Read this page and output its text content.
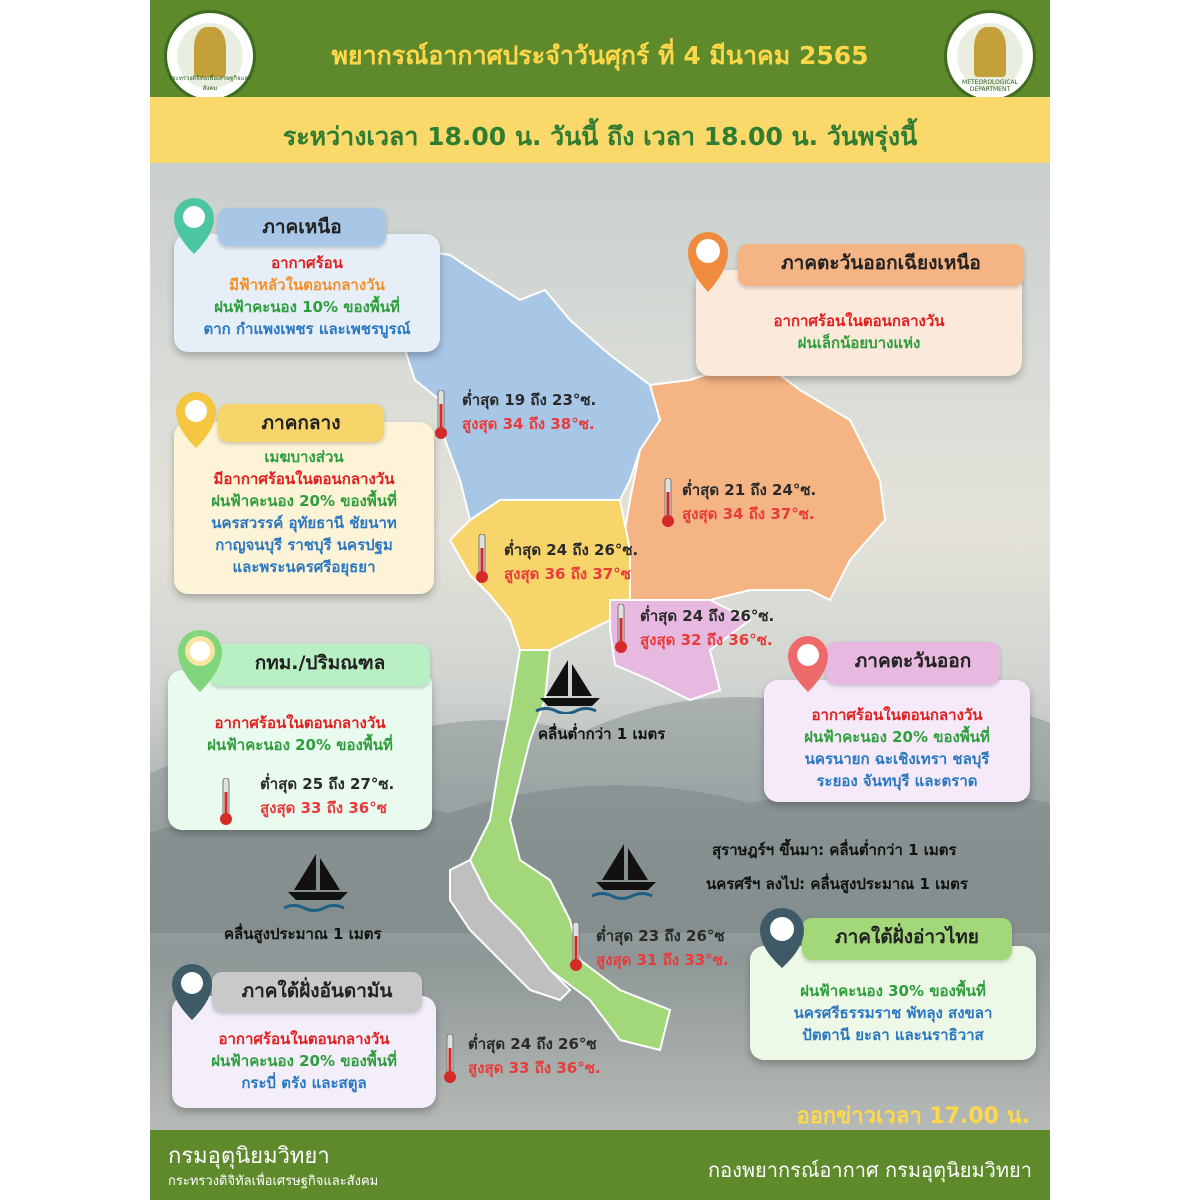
กระทรวงดิจิทัลเพื่อเศรษฐกิจและสังคม
พยากรณ์อากาศประจำวันศุกร์ ที่ 4 มีนาคม 2565
METEOROLOGICAL DEPARTMENT
ระหว่างเวลา 18.00 น. วันนี้ ถึง เวลา 18.00 น. วันพรุ่งนี้
อากาศร้อน
มีฟ้าหลัวในตอนกลางวัน
ฝนฟ้าคะนอง 10% ของพื้นที่
ตาก กำแพงเพชร และเพชรบูรณ์
ภาคเหนือ
อากาศร้อนในตอนกลางวัน
ฝนเล็กน้อยบางแห่ง
ภาคตะวันออกเฉียงเหนือ
เมฆบางส่วน
มีอากาศร้อนในตอนกลางวัน
ฝนฟ้าคะนอง 20% ของพื้นที่
นครสวรรค์ อุทัยธานี ชัยนาท
กาญจนบุรี ราชบุรี นครปฐม
และพระนครศรีอยุธยา
ภาคกลาง
อากาศร้อนในตอนกลางวัน
ฝนฟ้าคะนอง 20% ของพื้นที่
กทม./ปริมณฑล
ต่ำสุด 25 ถึง 27°ซ.
สูงสุด 33 ถึง 36°ซ
อากาศร้อนในตอนกลางวัน
ฝนฟ้าคะนอง 20% ของพื้นที่
นครนายก ฉะเชิงเทรา ชลบุรี
ระยอง จันทบุรี และตราด
ภาคตะวันออก
ฝนฟ้าคะนอง 30% ของพื้นที่
นครศรีธรรมราช พัทลุง สงขลา
ปัตตานี ยะลา และนราธิวาส
ภาคใต้ฝั่งอ่าวไทย
อากาศร้อนในตอนกลางวัน
ฝนฟ้าคะนอง 20% ของพื้นที่
กระบี่ ตรัง และสตูล
ภาคใต้ฝั่งอันดามัน
ต่ำสุด 19 ถึง 23°ซ.
สูงสุด 34 ถึง 38°ซ.
ต่ำสุด 21 ถึง 24°ซ.
สูงสุด 34 ถึง 37°ซ.
ต่ำสุด 24 ถึง 26°ซ.
สูงสุด 36 ถึง 37°ซ
ต่ำสุด 24 ถึง 26°ซ.
สูงสุด 32 ถึง 36°ซ.
ต่ำสุด 23 ถึง 26°ซ
สูงสุด 31 ถึง 33°ซ.
ต่ำสุด 24 ถึง 26°ซ
สูงสุด 33 ถึง 36°ซ.
คลื่นต่ำกว่า 1 เมตร
สุราษฎร์ฯ ขึ้นมา: คลื่นต่ำกว่า 1 เมตร
นครศรีฯ ลงไป: คลื่นสูงประมาณ 1 เมตร
คลื่นสูงประมาณ 1 เมตร
ออกข่าวเวลา 17.00 น.
กรมอุตุนิยมวิทยา
กระทรวงดิจิทัลเพื่อเศรษฐกิจและสังคม	กองพยากรณ์อากาศ กรมอุตุนิยมวิทยา
